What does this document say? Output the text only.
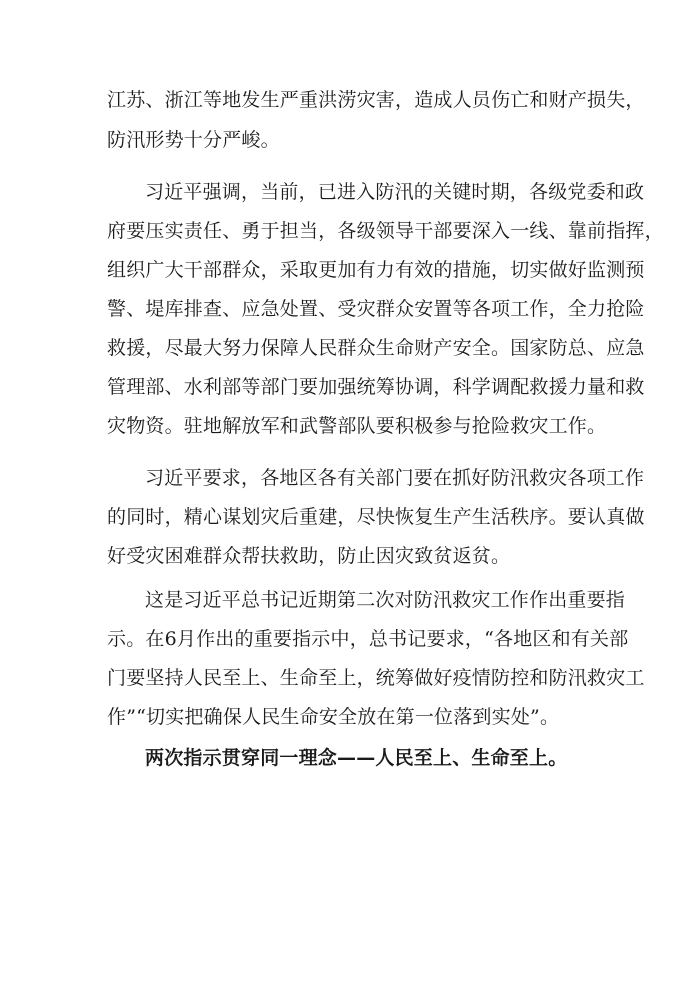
江苏、浙江等地发生严重洪涝灾害，造成人员伤亡和财产损失，
防汛形势十分严峻。
习近平强调，当前，已进入防汛的关键时期，各级党委和政
府要压实责任、勇于担当，各级领导干部要深入一线、靠前指挥，
组织广大干部群众，采取更加有力有效的措施，切实做好监测预
警、堤库排查、应急处置、受灾群众安置等各项工作，全力抢险
救援，尽最大努力保障人民群众生命财产安全。国家防总、应急
管理部、水利部等部门要加强统筹协调，科学调配救援力量和救
灾物资。驻地解放军和武警部队要积极参与抢险救灾工作。
习近平要求，各地区各有关部门要在抓好防汛救灾各项工作
的同时，精心谋划灾后重建，尽快恢复生产生活秩序。要认真做
好受灾困难群众帮扶救助，防止因灾致贫返贫。
这是习近平总书记近期第二次对防汛救灾工作作出重要指
示。在6月作出的重要指示中，总书记要求，“各地区和有关部
门要坚持人民至上、生命至上，统筹做好疫情防控和防汛救灾工
作”“切实把确保人民生命安全放在第一位落到实处”。
两次指示贯穿同一理念——人民至上、生命至上。
